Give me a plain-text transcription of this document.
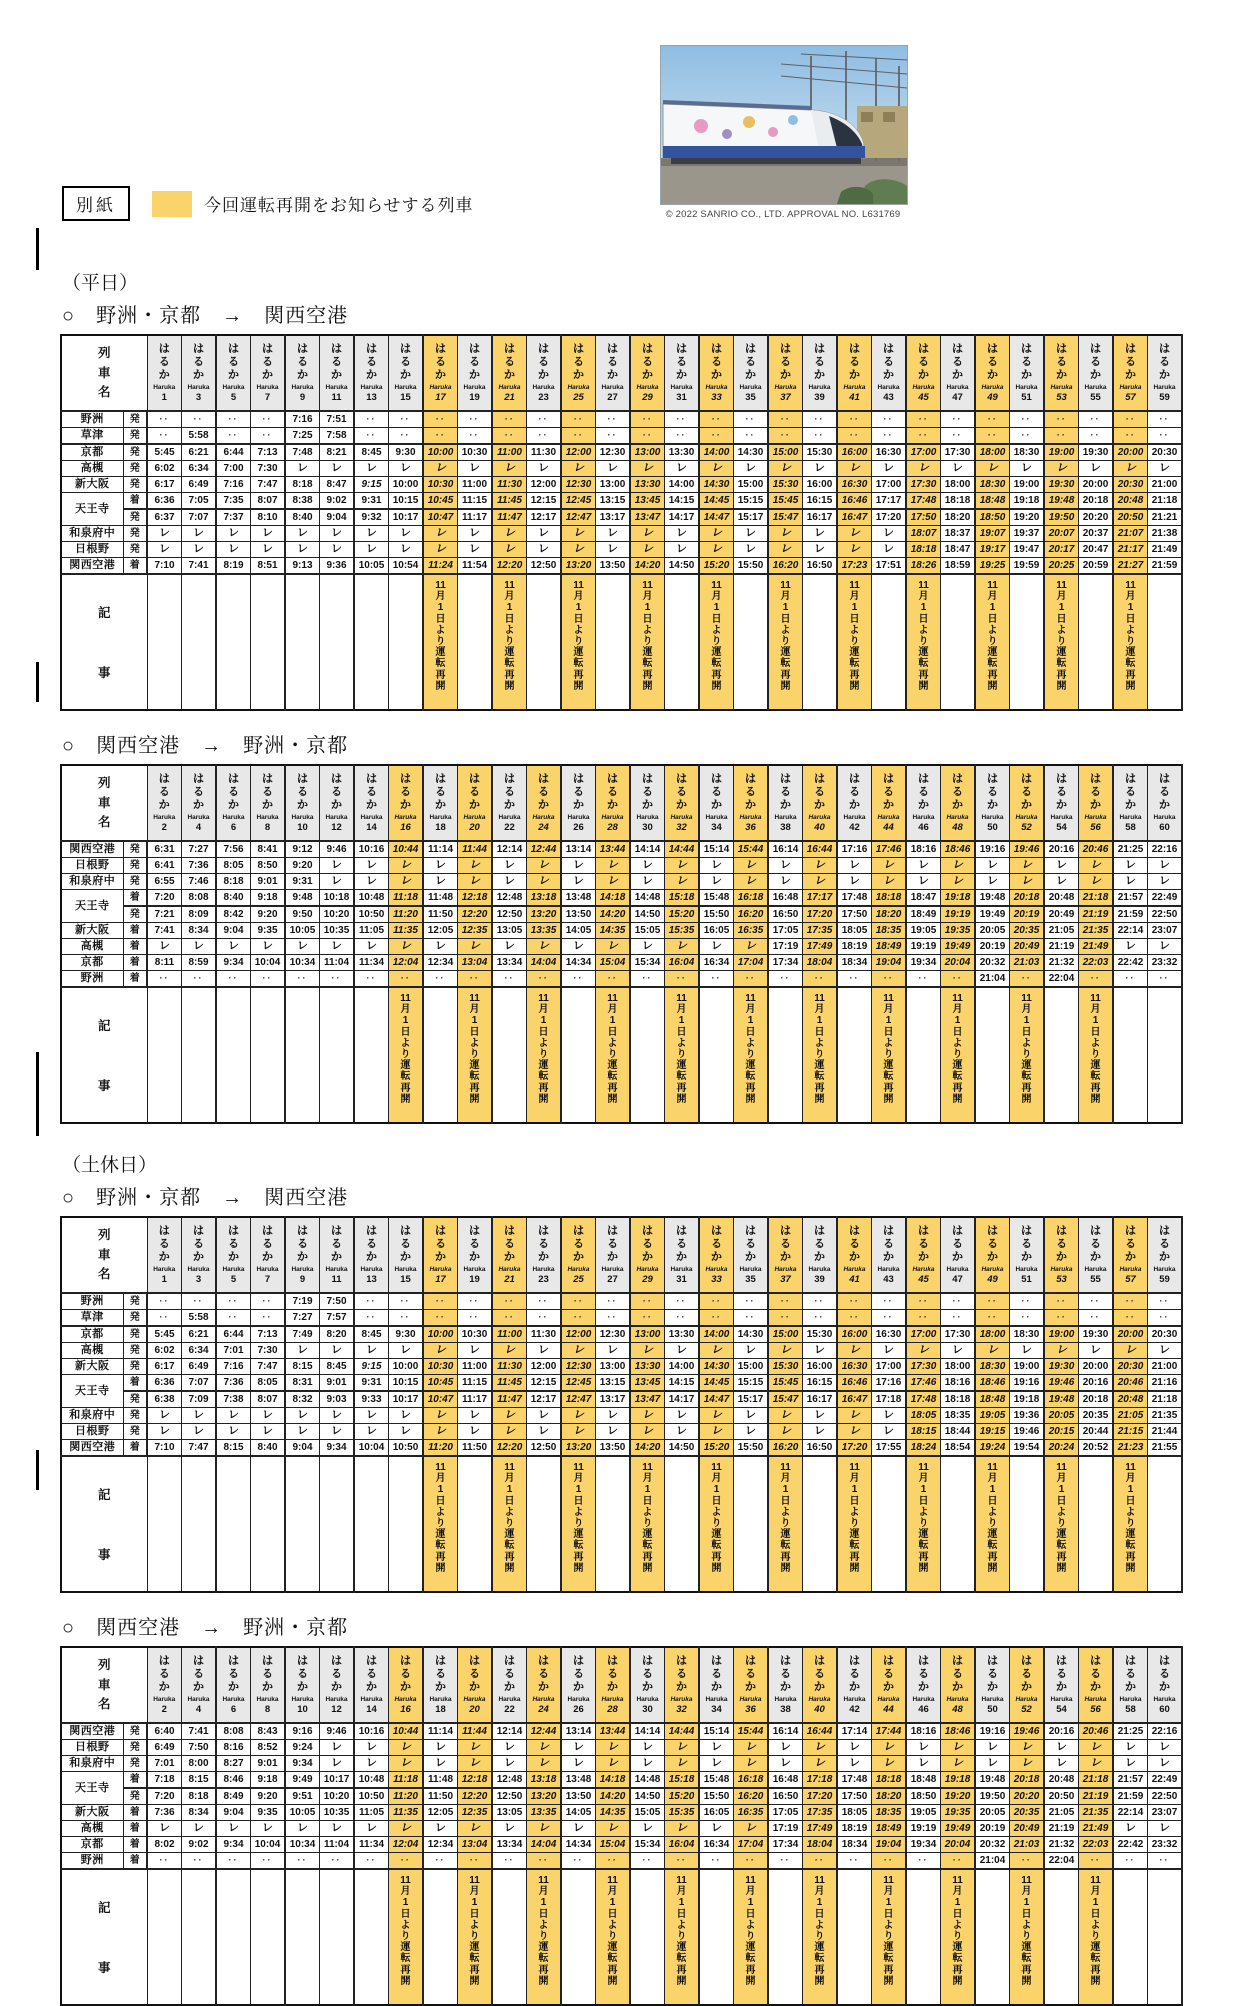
© 2022 SANRIO CO., LTD. APPROVAL NO. L631769
別紙	今回運転再開をお知らせする列車
（平日）
○　野洲・京都　→　関西空港
列
車
名

は
る
か
Haruka
1

は
る
か
Haruka
3

は
る
か
Haruka
5

は
る
か
Haruka
7

は
る
か
Haruka
9

は
る
か
Haruka
11

は
る
か
Haruka
13

は
る
か
Haruka
15

は
る
か
Haruka
17

は
る
か
Haruka
19

は
る
か
Haruka
21

は
る
か
Haruka
23

は
る
か
Haruka
25

は
る
か
Haruka
27

は
る
か
Haruka
29

は
る
か
Haruka
31

は
る
か
Haruka
33

は
る
か
Haruka
35

は
る
か
Haruka
37

は
る
か
Haruka
39

は
る
か
Haruka
41

は
る
か
Haruka
43

は
る
か
Haruka
45

は
る
か
Haruka
47

は
る
か
Haruka
49

は
る
か
Haruka
51

は
る
か
Haruka
53

は
る
か
Haruka
55

は
る
か
Haruka
57

は
る
か
Haruka
59

野洲	発	··	··	··	··	7:16	7:51	··	··	··	··	··	··	··	··	··	··	··	··	··	··	··	··	··	··	··	··	··	··	··	··
草津	発	··	5:58	··	··	7:25	7:58	··	··	··	··	··	··	··	··	··	··	··	··	··	··	··	··	··	··	··	··	··	··	··	··
京都	発	5:45	6:21	6:44	7:13	7:48	8:21	8:45	9:30	10:00	10:30	11:00	11:30	12:00	12:30	13:00	13:30	14:00	14:30	15:00	15:30	16:00	16:30	17:00	17:30	18:00	18:30	19:00	19:30	20:00	20:30
高槻	発	6:02	6:34	7:00	7:30	レ	レ	レ	レ	レ	レ	レ	レ	レ	レ	レ	レ	レ	レ	レ	レ	レ	レ	レ	レ	レ	レ	レ	レ	レ	レ
新大阪	発	6:17	6:49	7:16	7:47	8:18	8:47	9:15	10:00	10:30	11:00	11:30	12:00	12:30	13:00	13:30	14:00	14:30	15:00	15:30	16:00	16:30	17:00	17:30	18:00	18:30	19:00	19:30	20:00	20:30	21:00
天王寺	着	6:36	7:05	7:35	8:07	8:38	9:02	9:31	10:15	10:45	11:15	11:45	12:15	12:45	13:15	13:45	14:15	14:45	15:15	15:45	16:15	16:46	17:17	17:48	18:18	18:48	19:18	19:48	20:18	20:48	21:18
	発	6:37	7:07	7:37	8:10	8:40	9:04	9:32	10:17	10:47	11:17	11:47	12:17	12:47	13:17	13:47	14:17	14:47	15:17	15:47	16:17	16:47	17:20	17:50	18:20	18:50	19:20	19:50	20:20	20:50	21:21
和泉府中	発	レ	レ	レ	レ	レ	レ	レ	レ	レ	レ	レ	レ	レ	レ	レ	レ	レ	レ	レ	レ	レ	レ	18:07	18:37	19:07	19:37	20:07	20:37	21:07	21:38
日根野	発	レ	レ	レ	レ	レ	レ	レ	レ	レ	レ	レ	レ	レ	レ	レ	レ	レ	レ	レ	レ	レ	レ	18:18	18:47	19:17	19:47	20:17	20:47	21:17	21:49
関西空港	着	7:10	7:41	8:19	8:51	9:13	9:36	10:05	10:54	11:24	11:54	12:20	12:50	13:20	13:50	14:20	14:50	15:20	15:50	16:20	16:50	17:23	17:51	18:26	18:59	19:25	19:59	20:25	20:59	21:27	21:59

記
事

11
月
1
日
よ
り
運
転
再
開

11
月
1
日
よ
り
運
転
再
開

11
月
1
日
よ
り
運
転
再
開

11
月
1
日
よ
り
運
転
再
開

11
月
1
日
よ
り
運
転
再
開

11
月
1
日
よ
り
運
転
再
開

11
月
1
日
よ
り
運
転
再
開

11
月
1
日
よ
り
運
転
再
開

11
月
1
日
よ
り
運
転
再
開

11
月
1
日
よ
り
運
転
再
開

11
月
1
日
よ
り
運
転
再
開

○　関西空港　→　野洲・京都
列
車
名

は
る
か
Haruka
2

は
る
か
Haruka
4

は
る
か
Haruka
6

は
る
か
Haruka
8

は
る
か
Haruka
10

は
る
か
Haruka
12

は
る
か
Haruka
14

は
る
か
Haruka
16

は
る
か
Haruka
18

は
る
か
Haruka
20

は
る
か
Haruka
22

は
る
か
Haruka
24

は
る
か
Haruka
26

は
る
か
Haruka
28

は
る
か
Haruka
30

は
る
か
Haruka
32

は
る
か
Haruka
34

は
る
か
Haruka
36

は
る
か
Haruka
38

は
る
か
Haruka
40

は
る
か
Haruka
42

は
る
か
Haruka
44

は
る
か
Haruka
46

は
る
か
Haruka
48

は
る
か
Haruka
50

は
る
か
Haruka
52

は
る
か
Haruka
54

は
る
か
Haruka
56

は
る
か
Haruka
58

は
る
か
Haruka
60

関西空港	発	6:31	7:27	7:56	8:41	9:12	9:46	10:16	10:44	11:14	11:44	12:14	12:44	13:14	13:44	14:14	14:44	15:14	15:44	16:14	16:44	17:16	17:46	18:16	18:46	19:16	19:46	20:16	20:46	21:25	22:16
日根野	発	6:41	7:36	8:05	8:50	9:20	レ	レ	レ	レ	レ	レ	レ	レ	レ	レ	レ	レ	レ	レ	レ	レ	レ	レ	レ	レ	レ	レ	レ	レ	レ
和泉府中	発	6:55	7:46	8:18	9:01	9:31	レ	レ	レ	レ	レ	レ	レ	レ	レ	レ	レ	レ	レ	レ	レ	レ	レ	レ	レ	レ	レ	レ	レ	レ	レ
天王寺	着	7:20	8:08	8:40	9:18	9:48	10:18	10:48	11:18	11:48	12:18	12:48	13:18	13:48	14:18	14:48	15:18	15:48	16:18	16:48	17:17	17:48	18:18	18:47	19:18	19:48	20:18	20:48	21:18	21:57	22:49
	発	7:21	8:09	8:42	9:20	9:50	10:20	10:50	11:20	11:50	12:20	12:50	13:20	13:50	14:20	14:50	15:20	15:50	16:20	16:50	17:20	17:50	18:20	18:49	19:19	19:49	20:19	20:49	21:19	21:59	22:50
新大阪	着	7:41	8:34	9:04	9:35	10:05	10:35	11:05	11:35	12:05	12:35	13:05	13:35	14:05	14:35	15:05	15:35	16:05	16:35	17:05	17:35	18:05	18:35	19:05	19:35	20:05	20:35	21:05	21:35	22:14	23:07
高槻	着	レ	レ	レ	レ	レ	レ	レ	レ	レ	レ	レ	レ	レ	レ	レ	レ	レ	レ	17:19	17:49	18:19	18:49	19:19	19:49	20:19	20:49	21:19	21:49	レ	レ
京都	着	8:11	8:59	9:34	10:04	10:34	11:04	11:34	12:04	12:34	13:04	13:34	14:04	14:34	15:04	15:34	16:04	16:34	17:04	17:34	18:04	18:34	19:04	19:34	20:04	20:32	21:03	21:32	22:03	22:42	23:32
野洲	着	··	··	··	··	··	··	··	··	··	··	··	··	··	··	··	··	··	··	··	··	··	··	··	··	21:04	··	22:04	··	··	··

記
事

11
月
1
日
よ
り
運
転
再
開

11
月
1
日
よ
り
運
転
再
開

11
月
1
日
よ
り
運
転
再
開

11
月
1
日
よ
り
運
転
再
開

11
月
1
日
よ
り
運
転
再
開

11
月
1
日
よ
り
運
転
再
開

11
月
1
日
よ
り
運
転
再
開

11
月
1
日
よ
り
運
転
再
開

11
月
1
日
よ
り
運
転
再
開

11
月
1
日
よ
り
運
転
再
開

11
月
1
日
よ
り
運
転
再
開

（土休日）
○　野洲・京都　→　関西空港
列
車
名

は
る
か
Haruka
1

は
る
か
Haruka
3

は
る
か
Haruka
5

は
る
か
Haruka
7

は
る
か
Haruka
9

は
る
か
Haruka
11

は
る
か
Haruka
13

は
る
か
Haruka
15

は
る
か
Haruka
17

は
る
か
Haruka
19

は
る
か
Haruka
21

は
る
か
Haruka
23

は
る
か
Haruka
25

は
る
か
Haruka
27

は
る
か
Haruka
29

は
る
か
Haruka
31

は
る
か
Haruka
33

は
る
か
Haruka
35

は
る
か
Haruka
37

は
る
か
Haruka
39

は
る
か
Haruka
41

は
る
か
Haruka
43

は
る
か
Haruka
45

は
る
か
Haruka
47

は
る
か
Haruka
49

は
る
か
Haruka
51

は
る
か
Haruka
53

は
る
か
Haruka
55

は
る
か
Haruka
57

は
る
か
Haruka
59

野洲	発	··	··	··	··	7:19	7:50	··	··	··	··	··	··	··	··	··	··	··	··	··	··	··	··	··	··	··	··	··	··	··	··
草津	発	··	5:58	··	··	7:27	7:57	··	··	··	··	··	··	··	··	··	··	··	··	··	··	··	··	··	··	··	··	··	··	··	··
京都	発	5:45	6:21	6:44	7:13	7:49	8:20	8:45	9:30	10:00	10:30	11:00	11:30	12:00	12:30	13:00	13:30	14:00	14:30	15:00	15:30	16:00	16:30	17:00	17:30	18:00	18:30	19:00	19:30	20:00	20:30
高槻	発	6:02	6:34	7:01	7:30	レ	レ	レ	レ	レ	レ	レ	レ	レ	レ	レ	レ	レ	レ	レ	レ	レ	レ	レ	レ	レ	レ	レ	レ	レ	レ
新大阪	発	6:17	6:49	7:16	7:47	8:15	8:45	9:15	10:00	10:30	11:00	11:30	12:00	12:30	13:00	13:30	14:00	14:30	15:00	15:30	16:00	16:30	17:00	17:30	18:00	18:30	19:00	19:30	20:00	20:30	21:00
天王寺	着	6:36	7:07	7:36	8:05	8:31	9:01	9:31	10:15	10:45	11:15	11:45	12:15	12:45	13:15	13:45	14:15	14:45	15:15	15:45	16:15	16:46	17:16	17:46	18:16	18:46	19:16	19:46	20:16	20:46	21:16
	発	6:38	7:09	7:38	8:07	8:32	9:03	9:33	10:17	10:47	11:17	11:47	12:17	12:47	13:17	13:47	14:17	14:47	15:17	15:47	16:17	16:47	17:18	17:48	18:18	18:48	19:18	19:48	20:18	20:48	21:18
和泉府中	発	レ	レ	レ	レ	レ	レ	レ	レ	レ	レ	レ	レ	レ	レ	レ	レ	レ	レ	レ	レ	レ	レ	18:05	18:35	19:05	19:36	20:05	20:35	21:05	21:35
日根野	発	レ	レ	レ	レ	レ	レ	レ	レ	レ	レ	レ	レ	レ	レ	レ	レ	レ	レ	レ	レ	レ	レ	18:15	18:44	19:15	19:46	20:15	20:44	21:15	21:44
関西空港	着	7:10	7:47	8:15	8:40	9:04	9:34	10:04	10:50	11:20	11:50	12:20	12:50	13:20	13:50	14:20	14:50	15:20	15:50	16:20	16:50	17:20	17:55	18:24	18:54	19:24	19:54	20:24	20:52	21:23	21:55

記
事

11
月
1
日
よ
り
運
転
再
開

11
月
1
日
よ
り
運
転
再
開

11
月
1
日
よ
り
運
転
再
開

11
月
1
日
よ
り
運
転
再
開

11
月
1
日
よ
り
運
転
再
開

11
月
1
日
よ
り
運
転
再
開

11
月
1
日
よ
り
運
転
再
開

11
月
1
日
よ
り
運
転
再
開

11
月
1
日
よ
り
運
転
再
開

11
月
1
日
よ
り
運
転
再
開

11
月
1
日
よ
り
運
転
再
開

○　関西空港　→　野洲・京都
列
車
名

は
る
か
Haruka
2

は
る
か
Haruka
4

は
る
か
Haruka
6

は
る
か
Haruka
8

は
る
か
Haruka
10

は
る
か
Haruka
12

は
る
か
Haruka
14

は
る
か
Haruka
16

は
る
か
Haruka
18

は
る
か
Haruka
20

は
る
か
Haruka
22

は
る
か
Haruka
24

は
る
か
Haruka
26

は
る
か
Haruka
28

は
る
か
Haruka
30

は
る
か
Haruka
32

は
る
か
Haruka
34

は
る
か
Haruka
36

は
る
か
Haruka
38

は
る
か
Haruka
40

は
る
か
Haruka
42

は
る
か
Haruka
44

は
る
か
Haruka
46

は
る
か
Haruka
48

は
る
か
Haruka
50

は
る
か
Haruka
52

は
る
か
Haruka
54

は
る
か
Haruka
56

は
る
か
Haruka
58

は
る
か
Haruka
60

関西空港	発	6:40	7:41	8:08	8:43	9:16	9:46	10:16	10:44	11:14	11:44	12:14	12:44	13:14	13:44	14:14	14:44	15:14	15:44	16:14	16:44	17:14	17:44	18:16	18:46	19:16	19:46	20:16	20:46	21:25	22:16
日根野	発	6:49	7:50	8:16	8:52	9:24	レ	レ	レ	レ	レ	レ	レ	レ	レ	レ	レ	レ	レ	レ	レ	レ	レ	レ	レ	レ	レ	レ	レ	レ	レ
和泉府中	発	7:01	8:00	8:27	9:01	9:34	レ	レ	レ	レ	レ	レ	レ	レ	レ	レ	レ	レ	レ	レ	レ	レ	レ	レ	レ	レ	レ	レ	レ	レ	レ
天王寺	着	7:18	8:15	8:46	9:18	9:49	10:17	10:48	11:18	11:48	12:18	12:48	13:18	13:48	14:18	14:48	15:18	15:48	16:18	16:48	17:18	17:48	18:18	18:48	19:18	19:48	20:18	20:48	21:18	21:57	22:49
	発	7:20	8:18	8:49	9:20	9:51	10:20	10:50	11:20	11:50	12:20	12:50	13:20	13:50	14:20	14:50	15:20	15:50	16:20	16:50	17:20	17:50	18:20	18:50	19:20	19:50	20:20	20:50	21:19	21:59	22:50
新大阪	着	7:36	8:34	9:04	9:35	10:05	10:35	11:05	11:35	12:05	12:35	13:05	13:35	14:05	14:35	15:05	15:35	16:05	16:35	17:05	17:35	18:05	18:35	19:05	19:35	20:05	20:35	21:05	21:35	22:14	23:07
高槻	着	レ	レ	レ	レ	レ	レ	レ	レ	レ	レ	レ	レ	レ	レ	レ	レ	レ	レ	17:19	17:49	18:19	18:49	19:19	19:49	20:19	20:49	21:19	21:49	レ	レ
京都	着	8:02	9:02	9:34	10:04	10:34	11:04	11:34	12:04	12:34	13:04	13:34	14:04	14:34	15:04	15:34	16:04	16:34	17:04	17:34	18:04	18:34	19:04	19:34	20:04	20:32	21:03	21:32	22:03	22:42	23:32
野洲	着	··	··	··	··	··	··	··	··	··	··	··	··	··	··	··	··	··	··	··	··	··	··	··	··	21:04	··	22:04	··	··	··

記
事

11
月
1
日
よ
り
運
転
再
開

11
月
1
日
よ
り
運
転
再
開

11
月
1
日
よ
り
運
転
再
開

11
月
1
日
よ
り
運
転
再
開

11
月
1
日
よ
り
運
転
再
開

11
月
1
日
よ
り
運
転
再
開

11
月
1
日
よ
り
運
転
再
開

11
月
1
日
よ
り
運
転
再
開

11
月
1
日
よ
り
運
転
再
開

11
月
1
日
よ
り
運
転
再
開

11
月
1
日
よ
り
運
転
再
開
